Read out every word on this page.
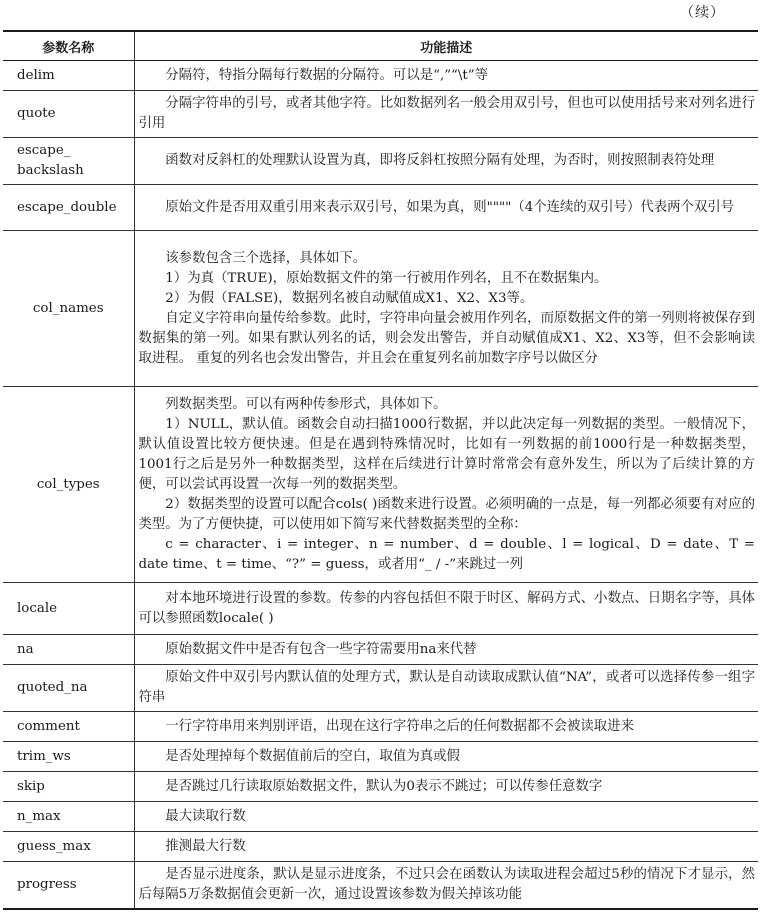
（续）
参数名称	功能描述
delim	分隔符，特指分隔每行数据的分隔符。可以是“,”“\t”等

quote	分隔字符串的引号，或者其他字符。比如数据列名一般会用双引号，但也可以使用括号来对列名进行引用

escape_
backslash	函数对反斜杠的处理默认设置为真，即将反斜杠按照分隔有处理，为否时，则按照制表符处理

escape_double	原始文件是否用双重引用来表示双引号，如果为真，则""""（4个连续的双引号）代表两个双引号

col_names	该参数包含三个选择，具体如下。
1）为真（TRUE)，原始数据文件的第一行被用作列名，且不在数据集内。
2）为假（FALSE)，数据列名被自动赋值成X1、X2、X3等。
自定义字符串向量传给参数。此时，字符串向量会被用作列名，而原数据文件的第一列则将被保存到数据集的第一列。如果有默认列名的话，则会发出警告，并自动赋值成X1、X2、X3等，但不会影响读取进程。 重复的列名也会发出警告，并且会在重复列名前加数字序号以做区分

col_types	列数据类型。可以有两种传参形式，具体如下。
1）NULL，默认值。函数会自动扫描1000行数据，并以此决定每一列数据的类型。一般情况下，默认值设置比较方便快速。但是在遇到特殊情况时，比如有一列数据的前1000行是一种数据类型，1001行之后是另外一种数据类型，这样在后续进行计算时常常会有意外发生，所以为了后续计算的方便，可以尝试再设置一次每一列的数据类型。
2）数据类型的设置可以配合cols( )函数来进行设置。必须明确的一点是，每一列都必须要有对应的类型。为了方便快捷，可以使用如下简写来代替数据类型的全称：
c = character、i = integer、n = number、d = double、l = logical、D = date、T = date time、t = time、“?” = guess，或者用“_ / -”来跳过一列

locale	对本地环境进行设置的参数。传参的内容包括但不限于时区、解码方式、小数点、日期名字等，具体可以参照函数locale( )

na	原始数据文件中是否有包含一些字符需要用na来代替

quoted_na	原始文件中双引号内默认值的处理方式，默认是自动读取成默认值“NA”，或者可以选择传参一组字符串

comment	一行字符串用来判别评语，出现在这行字符串之后的任何数据都不会被读取进来

trim_ws	是否处理掉每个数据值前后的空白，取值为真或假

skip	是否跳过几行读取原始数据文件，默认为0表示不跳过；可以传参任意数字

n_max	最大读取行数

guess_max	推测最大行数

progress	是否显示进度条，默认是显示进度条，不过只会在函数认为读取进程会超过5秒的情况下才显示，然后每隔5万条数据值会更新一次，通过设置该参数为假关掉该功能
